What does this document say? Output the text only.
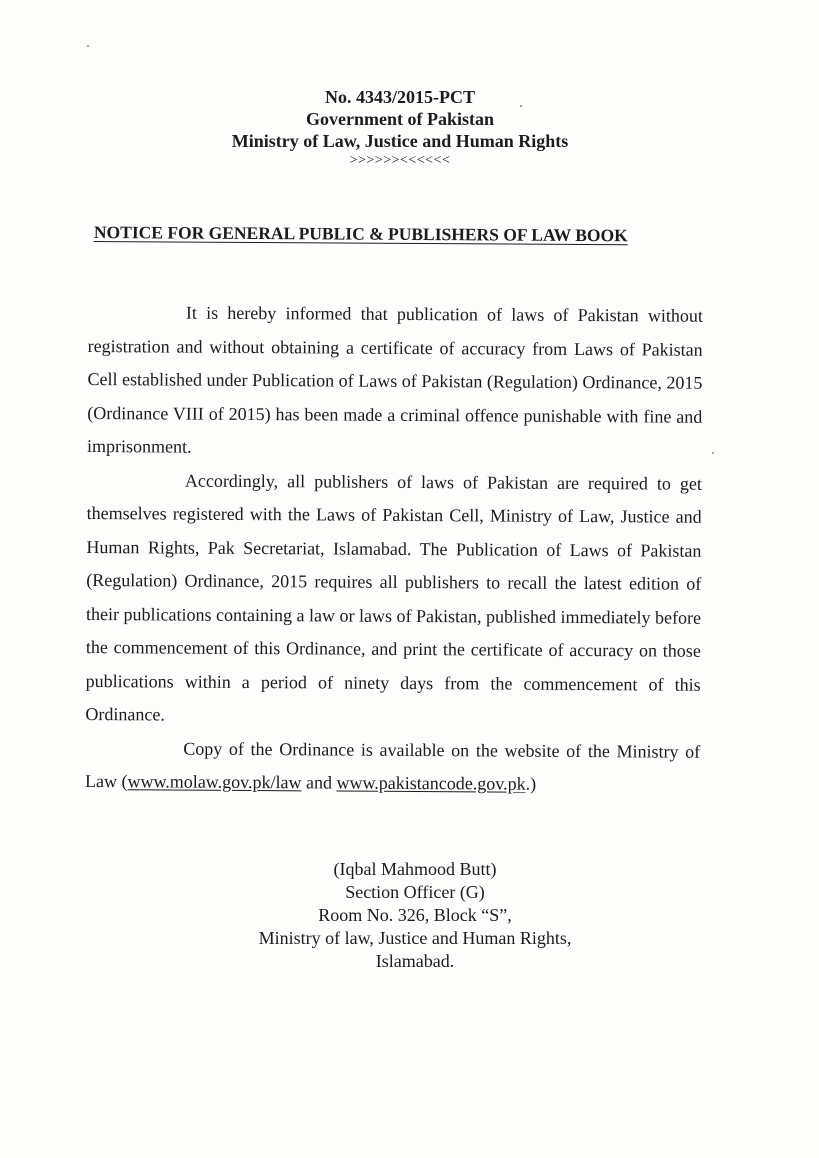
No. 4343/2015-PCT
Government of Pakistan
Ministry of Law, Justice and Human Rights
>>>>>><<<<<<
NOTICE FOR GENERAL PUBLIC & PUBLISHERS OF LAW BOOK

It is hereby informed that publication of laws of Pakistan without registration and without obtaining a certificate of accuracy from Laws of Pakistan Cell established under Publication of Laws of Pakistan (Regulation) Ordinance, 2015 (Ordinance VIII of 2015) has been made a criminal offence punishable with fine and imprisonment.

Accordingly, all publishers of laws of Pakistan are required to get themselves registered with the Laws of Pakistan Cell, Ministry of Law, Justice and Human Rights, Pak Secretariat, Islamabad. The Publication of Laws of Pakistan (Regulation) Ordinance, 2015 requires all publishers to recall the latest edition of their publications containing a law or laws of Pakistan, published immediately before the commencement of this Ordinance, and print the certificate of accuracy on those publications within a period of ninety days from the commencement of this Ordinance.

Copy of the Ordinance is available on the website of the Ministry of Law (www.molaw.gov.pk/law and www.pakistancode.gov.pk.)

(Iqbal Mahmood Butt)
Section Officer (G)
Room No. 326, Block “S”,
Ministry of law, Justice and Human Rights,
Islamabad.
